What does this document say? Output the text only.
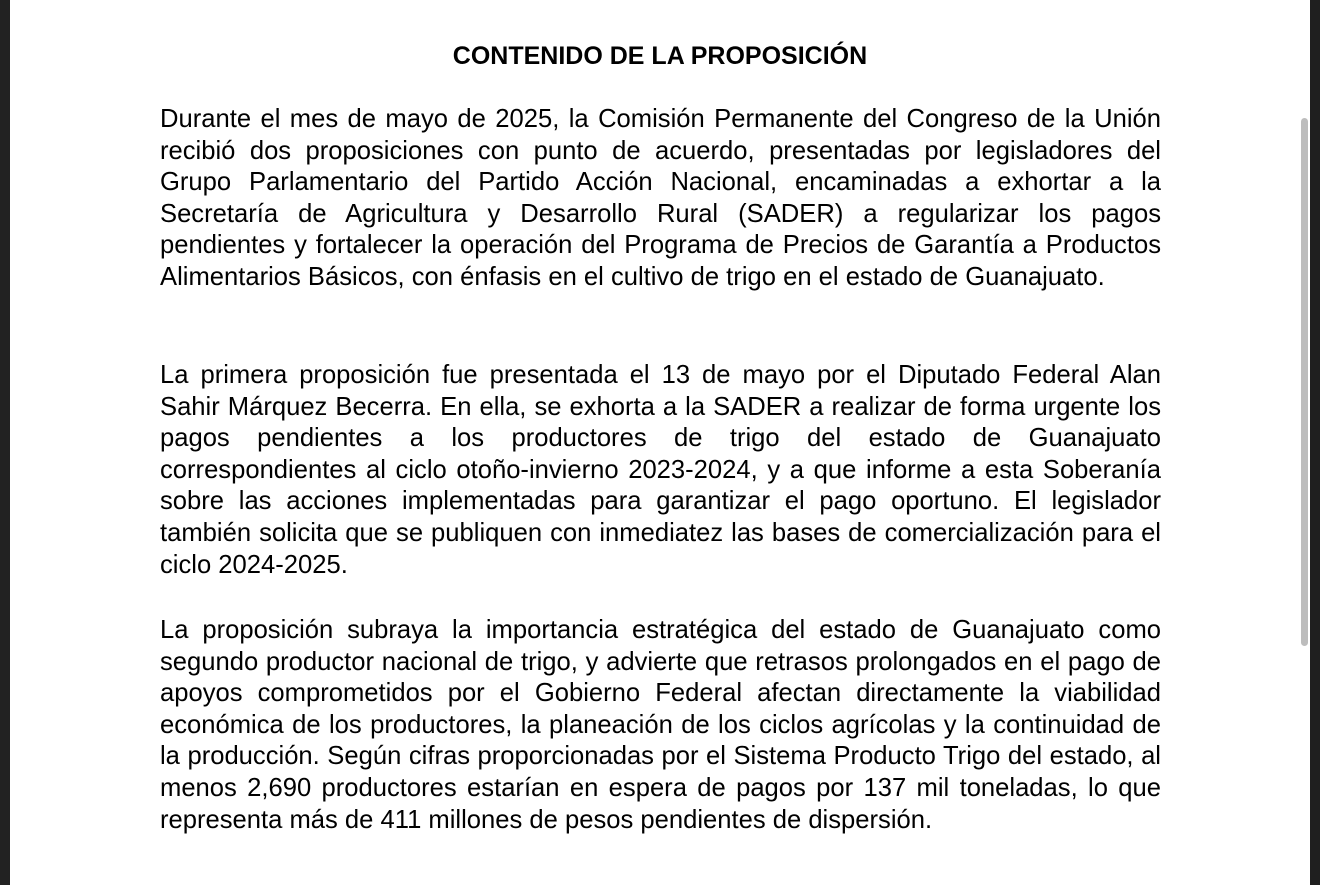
CONTENIDO DE LA PROPOSICIÓN

Durante el mes de mayo de 2025, la Comisión Permanente del Congreso de la Unión recibió dos proposiciones con punto de acuerdo, presentadas por legisladores del Grupo Parlamentario del Partido Acción Nacional, encaminadas a exhortar a la Secretaría de Agricultura y Desarrollo Rural (SADER) a regularizar los pagos pendientes y fortalecer la operación del Programa de Precios de Garantía a Productos Alimentarios Básicos, con énfasis en el cultivo de trigo en el estado de Guanajuato.

La primera proposición fue presentada el 13 de mayo por el Diputado Federal Alan Sahir Márquez Becerra. En ella, se exhorta a la SADER a realizar de forma urgente los pagos pendientes a los productores de trigo del estado de Guanajuato correspondientes al ciclo otoño-invierno 2023-2024, y a que informe a esta Soberanía sobre las acciones implementadas para garantizar el pago oportuno. El legislador también solicita que se publiquen con inmediatez las bases de comercialización para el ciclo 2024-2025.

La proposición subraya la importancia estratégica del estado de Guanajuato como segundo productor nacional de trigo, y advierte que retrasos prolongados en el pago de apoyos comprometidos por el Gobierno Federal afectan directamente la viabilidad económica de los productores, la planeación de los ciclos agrícolas y la continuidad de la producción. Según cifras proporcionadas por el Sistema Producto Trigo del estado, al menos 2,690 productores estarían en espera de pagos por 137 mil toneladas, lo que representa más de 411 millones de pesos pendientes de dispersión.
